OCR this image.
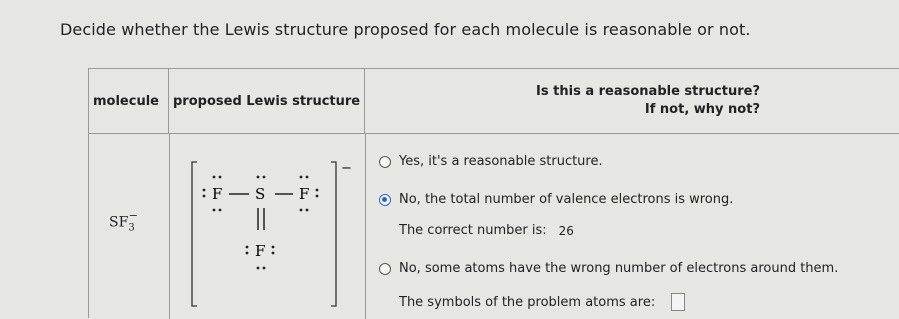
Decide whether the Lewis structure proposed for each molecule is reasonable or not.
molecule	proposed Lewis structure
Is this a reasonable structure?
If not, why not?
$SF_3^-$
−
F S F
F
Yes, it's a reasonable structure.
No, the total number of valence electrons is wrong.
The correct number is: 26
No, some atoms have the wrong number of electrons around them.
The symbols of the problem atoms are:
